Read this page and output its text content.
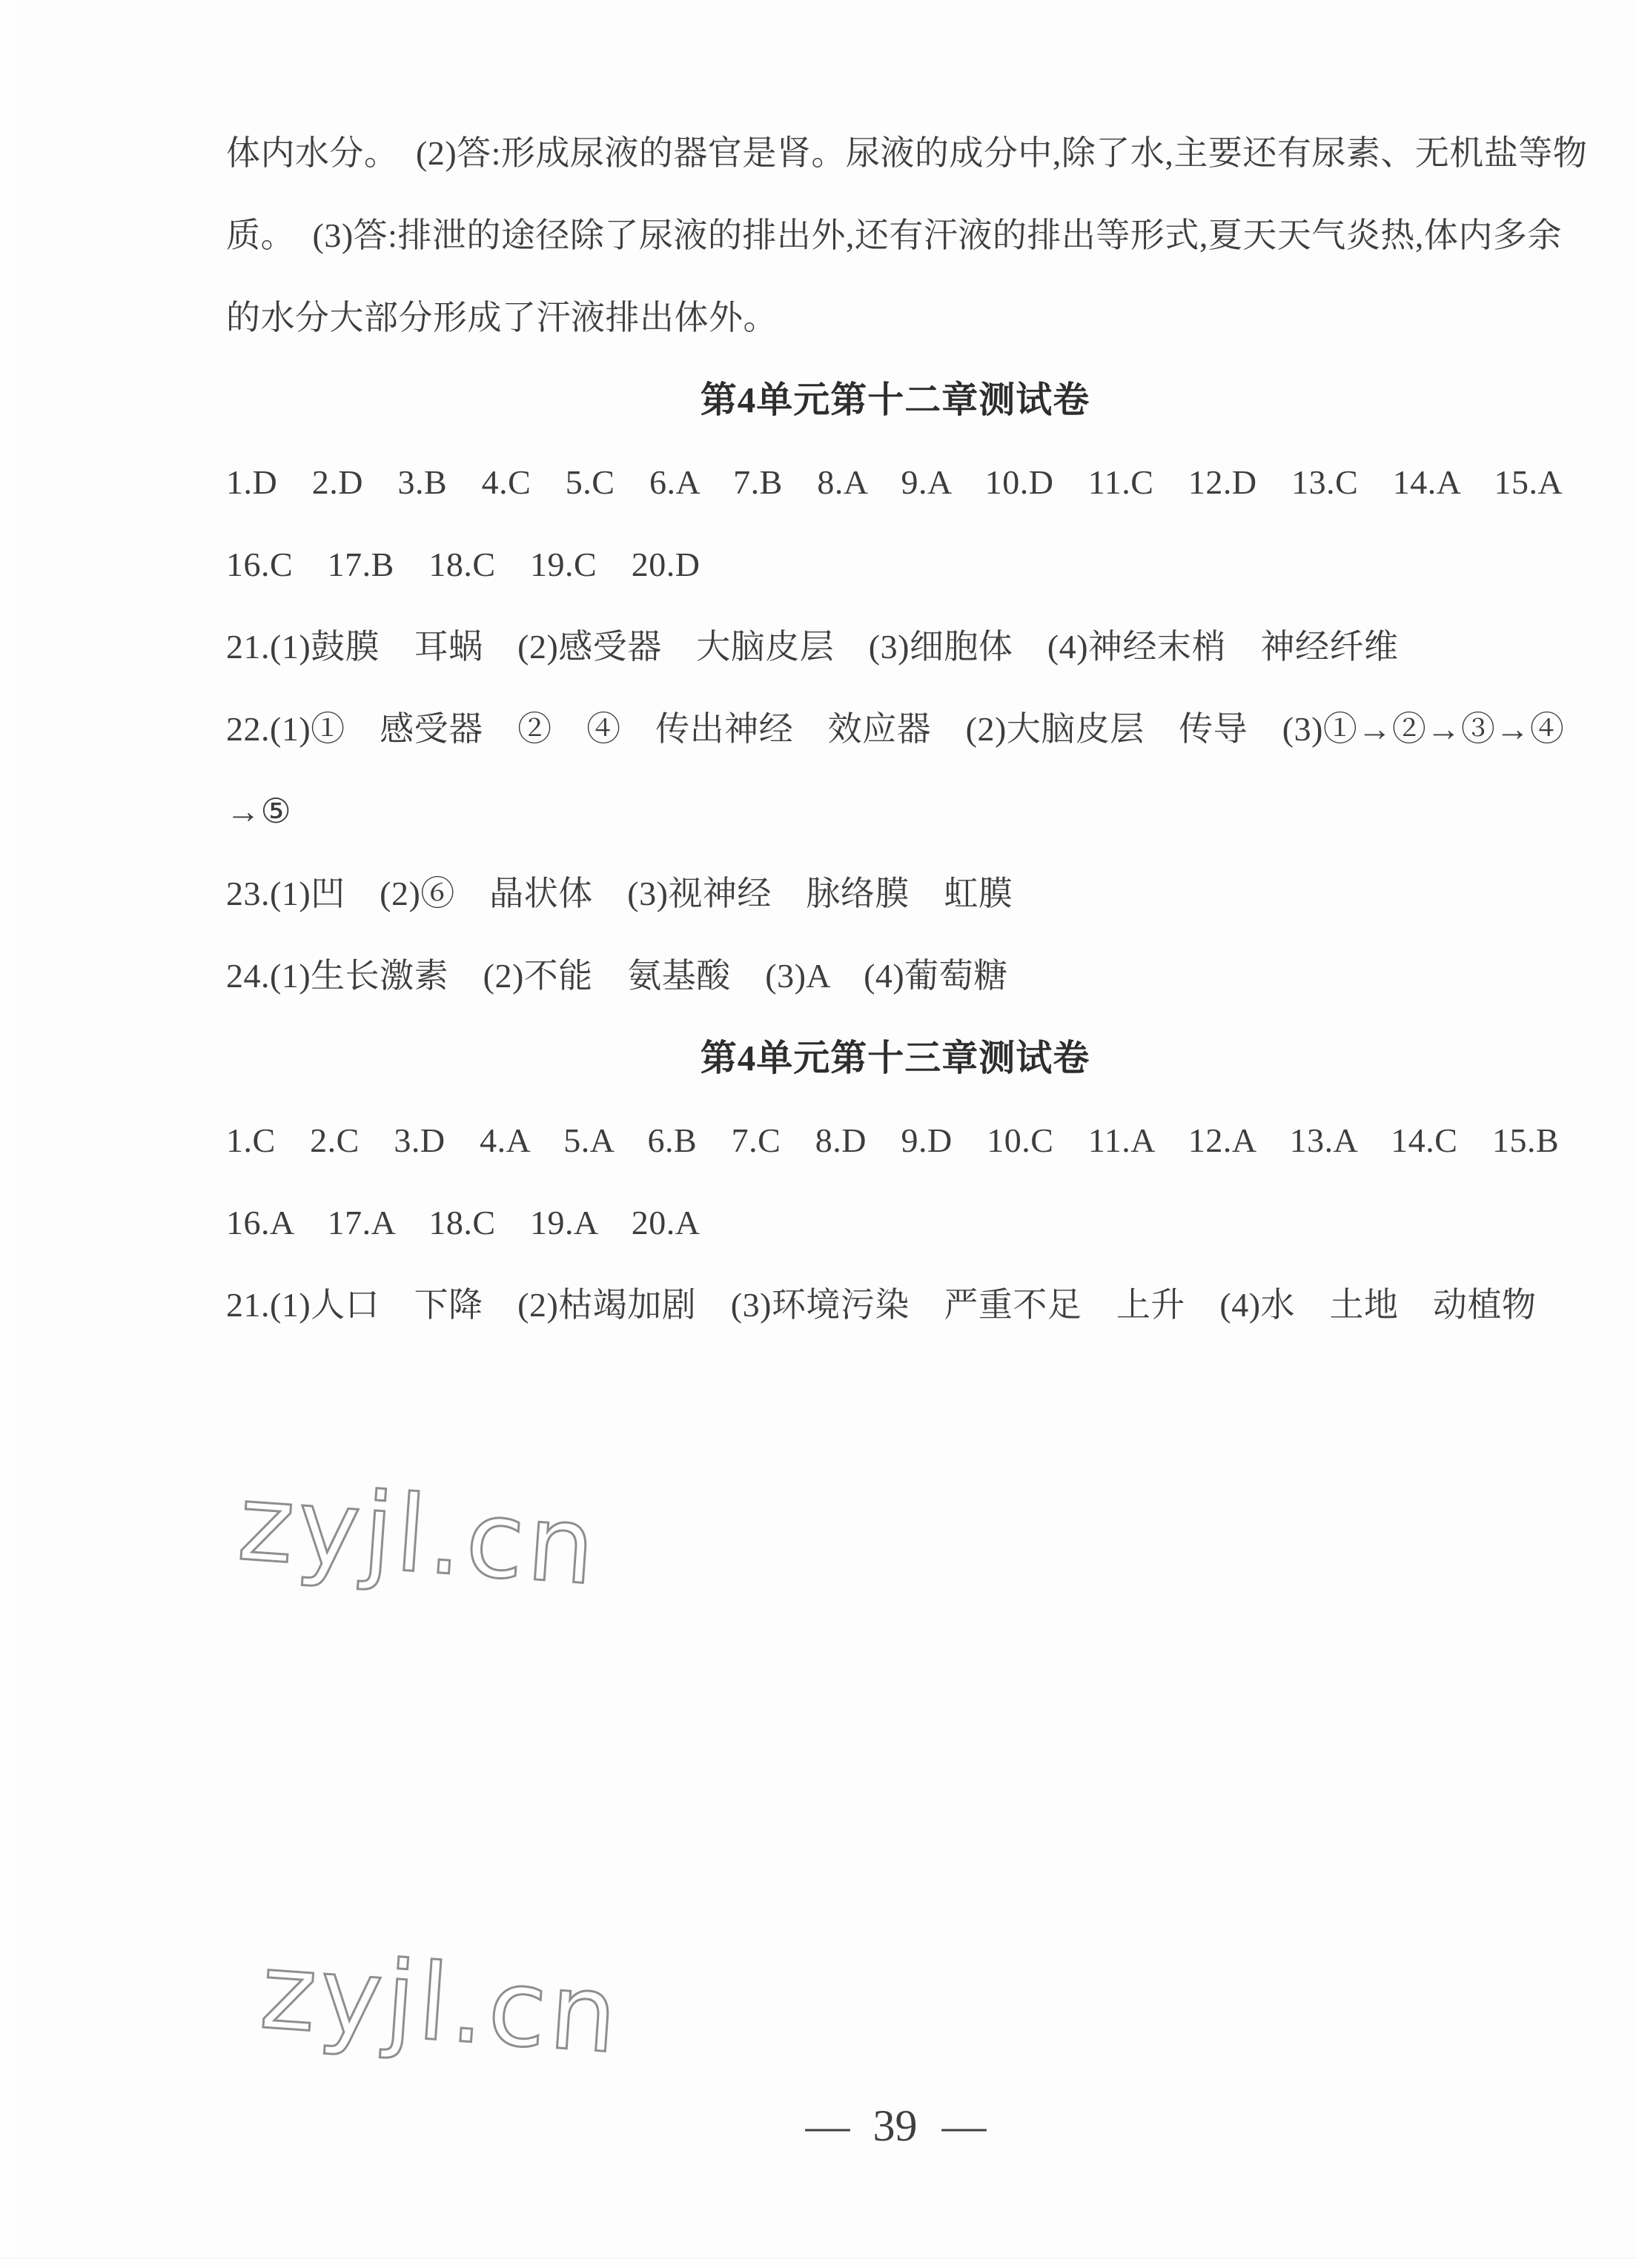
体内水分。　(2)答:形成尿液的器官是肾。尿液的成分中,除了水,主要还有尿素、无机盐等物
质。　(3)答:排泄的途径除了尿液的排出外,还有汗液的排出等形式,夏天天气炎热,体内多余
的水分大部分形成了汗液排出体外。
第4单元第十二章测试卷
1.D　2.D　3.B　4.C　5.C　6.A　7.B　8.A　9.A　10.D　11.C　12.D　13.C　14.A　15.A
16.C　17.B　18.C　19.C　20.D
21.(1)鼓膜　耳蜗　(2)感受器　大脑皮层　(3)细胞体　(4)神经末梢　神经纤维
22.(1)①　感受器　②　④　传出神经　效应器　(2)大脑皮层　传导　(3)①→②→③→④
→⑤
23.(1)凹　(2)⑥　晶状体　(3)视神经　脉络膜　虹膜
24.(1)生长激素　(2)不能　氨基酸　(3)A　(4)葡萄糖
第4单元第十三章测试卷
1.C　2.C　3.D　4.A　5.A　6.B　7.C　8.D　9.D　10.C　11.A　12.A　13.A　14.C　15.B
16.A　17.A　18.C　19.A　20.A
21.(1)人口　下降　(2)枯竭加剧　(3)环境污染　严重不足　上升　(4)水　土地　动植物
zyjl.cn
zyjl.cn
— 39 —
